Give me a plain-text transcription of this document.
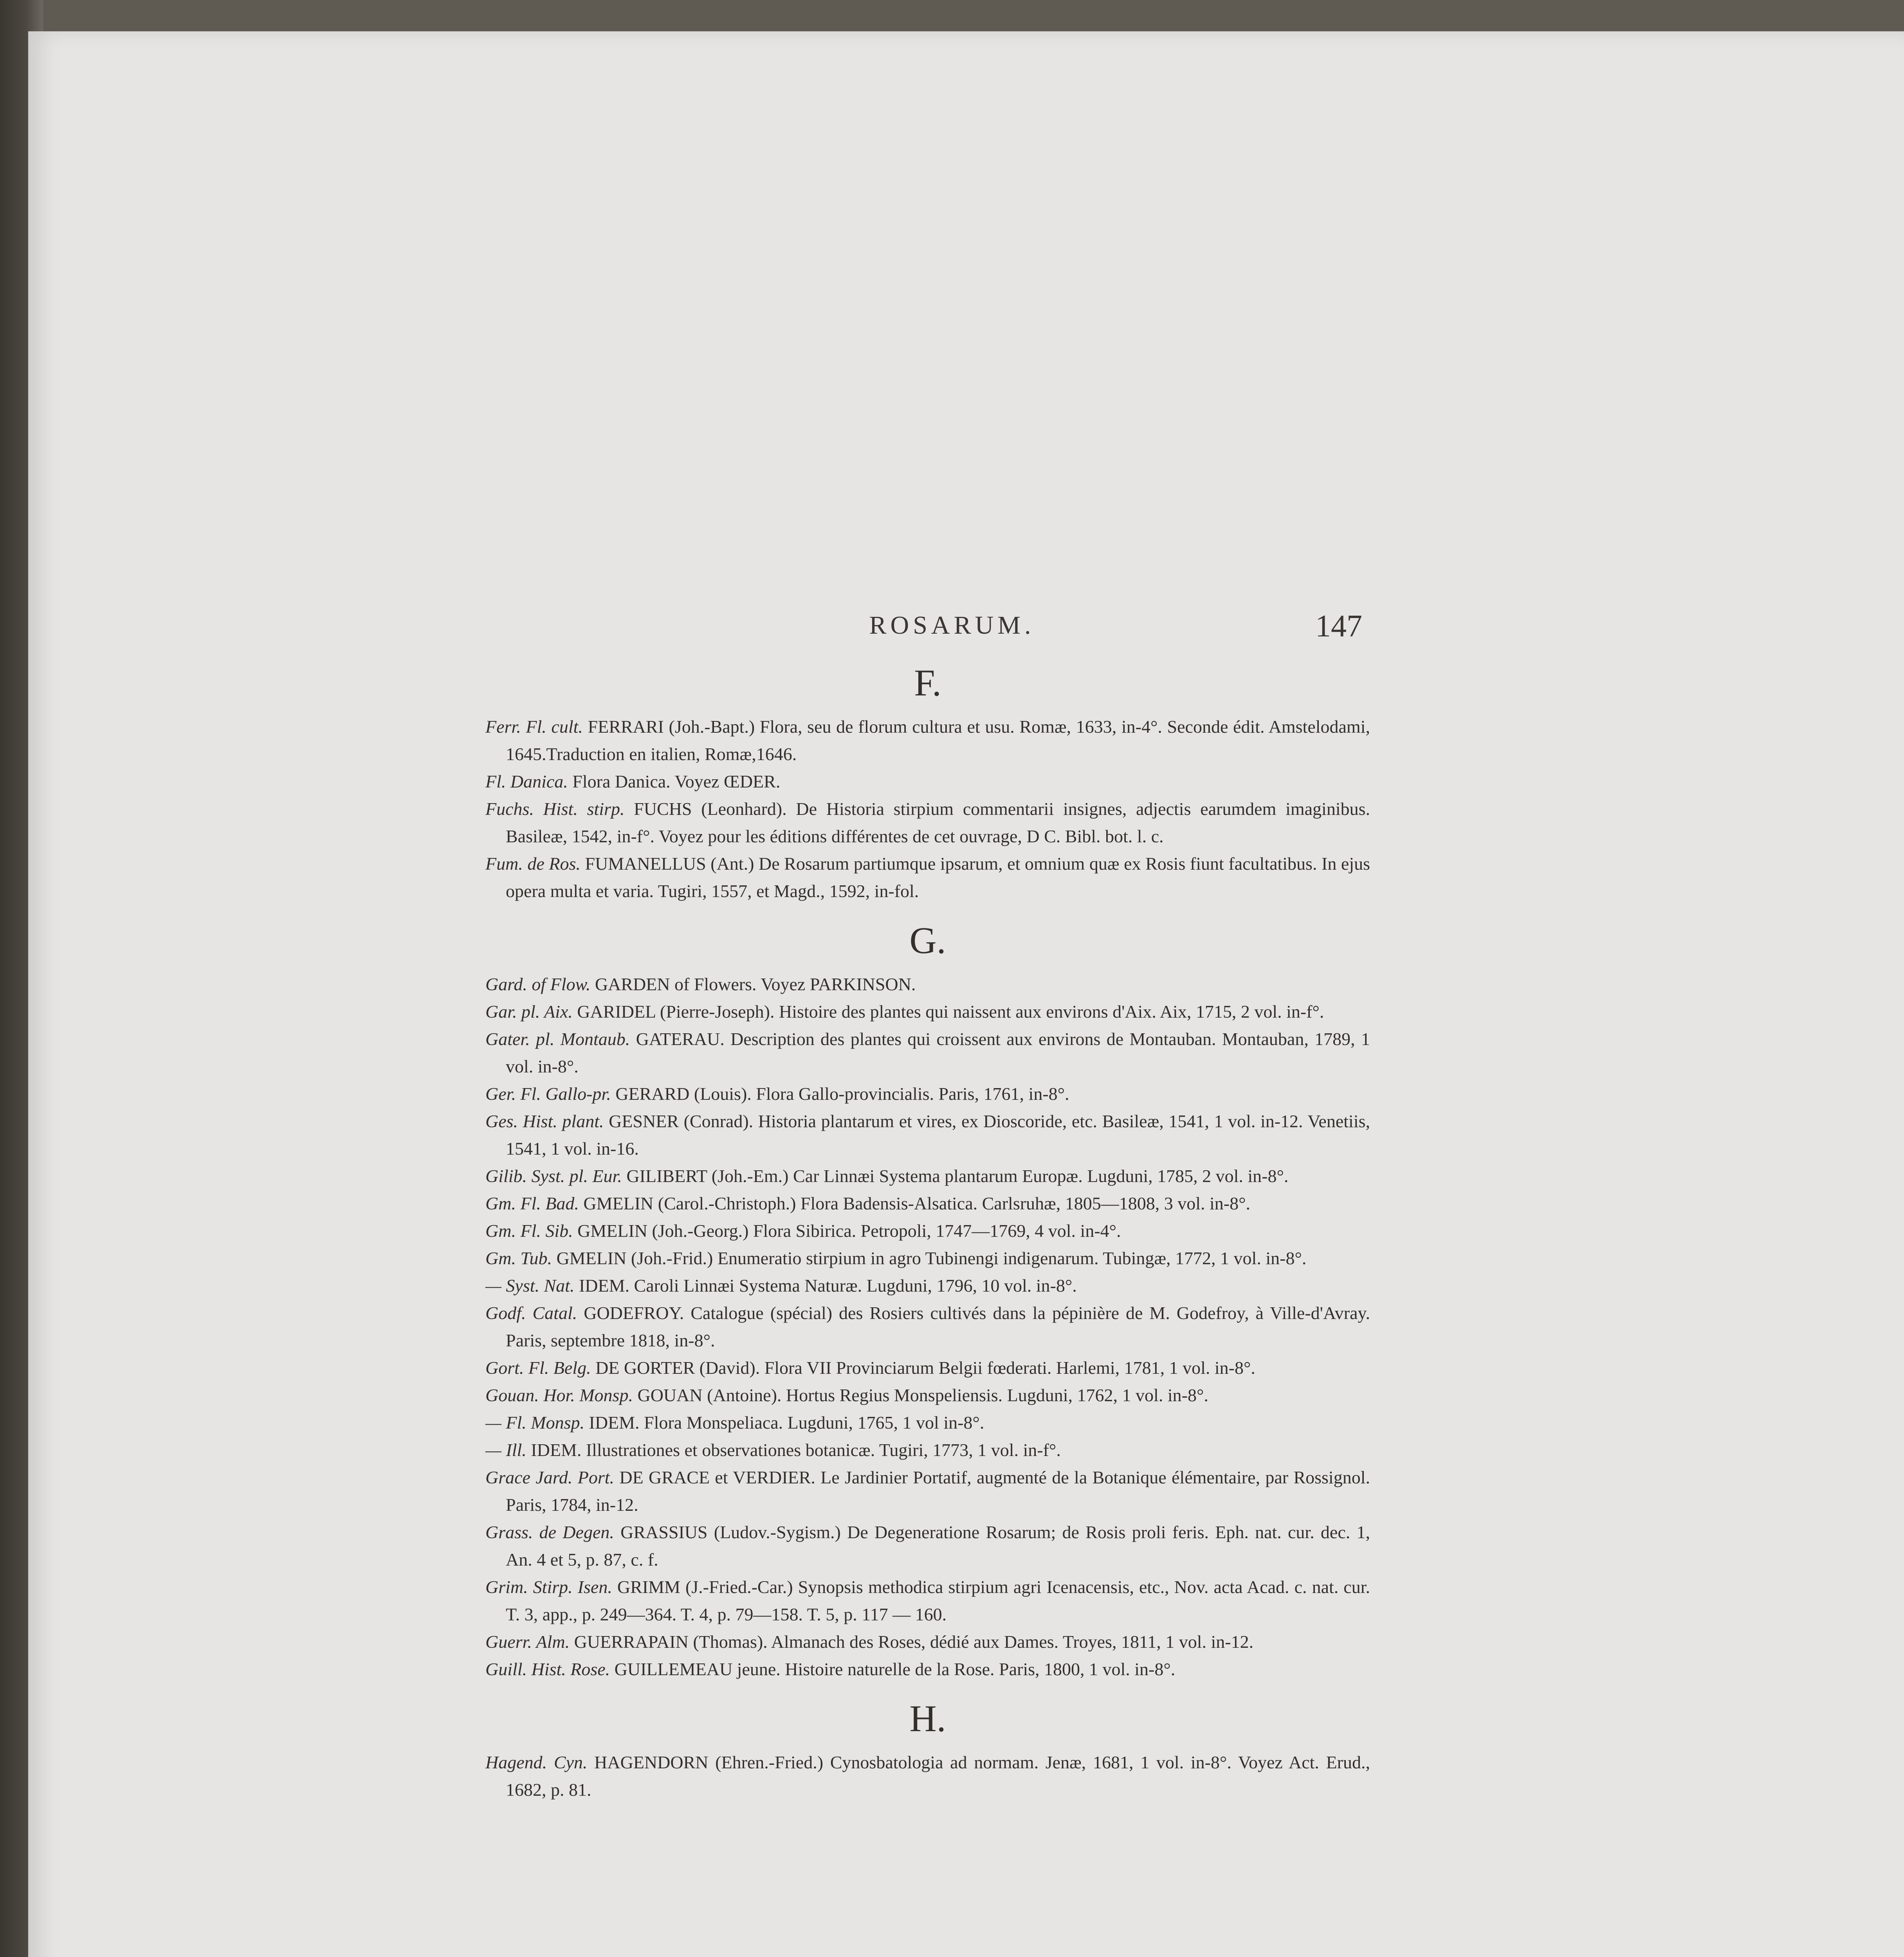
ROSARUM.	147
F.

Ferr. Fl. cult. FERRARI (Joh.-Bapt.) Flora, seu de florum cultura et usu. Romæ, 1633, in-4°. Seconde édit. Amstelodami, 1645.Traduction en italien, Romæ,1646.

Fl. Danica. Flora Danica. Voyez ŒDER.

Fuchs. Hist. stirp. FUCHS (Leonhard). De Historia stirpium commentarii insignes, adjectis earumdem imaginibus. Basileæ, 1542, in-f°. Voyez pour les éditions différentes de cet ouvrage, D C. Bibl. bot. l. c.

Fum. de Ros. FUMANELLUS (Ant.) De Rosarum partiumque ipsarum, et omnium quæ ex Rosis fiunt facultatibus. In ejus opera multa et varia. Tugiri, 1557, et Magd., 1592, in-fol.

G.

Gard. of Flow. GARDEN of Flowers. Voyez PARKINSON.

Gar. pl. Aix. GARIDEL (Pierre-Joseph). Histoire des plantes qui naissent aux environs d'Aix. Aix, 1715, 2 vol. in-f°.

Gater. pl. Montaub. GATERAU. Description des plantes qui croissent aux environs de Montauban. Montauban, 1789, 1 vol. in-8°.

Ger. Fl. Gallo-pr. GERARD (Louis). Flora Gallo-provincialis. Paris, 1761, in-8°.

Ges. Hist. plant. GESNER (Conrad). Historia plantarum et vires, ex Dioscoride, etc. Basileæ, 1541, 1 vol. in-12. Venetiis, 1541, 1 vol. in-16.

Gilib. Syst. pl. Eur. GILIBERT (Joh.-Em.) Car Linnæi Systema plantarum Europæ. Lugduni, 1785, 2 vol. in-8°.

Gm. Fl. Bad. GMELIN (Carol.-Christoph.) Flora Badensis-Alsatica. Carlsruhæ, 1805—1808, 3 vol. in-8°.

Gm. Fl. Sib. GMELIN (Joh.-Georg.) Flora Sibirica. Petropoli, 1747—1769, 4 vol. in-4°.

Gm. Tub. GMELIN (Joh.-Frid.) Enumeratio stirpium in agro Tubinengi indigenarum. Tubingæ, 1772, 1 vol. in-8°.

— Syst. Nat. IDEM. Caroli Linnæi Systema Naturæ. Lugduni, 1796, 10 vol. in-8°.

Godf. Catal. GODEFROY. Catalogue (spécial) des Rosiers cultivés dans la pépinière de M. Godefroy, à Ville-d'Avray. Paris, septembre 1818, in-8°.

Gort. Fl. Belg. DE GORTER (David). Flora VII Provinciarum Belgii fœderati. Harlemi, 1781, 1 vol. in-8°.

Gouan. Hor. Monsp. GOUAN (Antoine). Hortus Regius Monspeliensis. Lugduni, 1762, 1 vol. in-8°.

— Fl. Monsp. IDEM. Flora Monspeliaca. Lugduni, 1765, 1 vol in-8°.

— Ill. IDEM. Illustrationes et observationes botanicæ. Tugiri, 1773, 1 vol. in-f°.

Grace Jard. Port. DE GRACE et VERDIER. Le Jardinier Portatif, augmenté de la Botanique élémentaire, par Rossignol. Paris, 1784, in-12.

Grass. de Degen. GRASSIUS (Ludov.-Sygism.) De Degeneratione Rosarum; de Rosis proli feris. Eph. nat. cur. dec. 1, An. 4 et 5, p. 87, c. f.

Grim. Stirp. Isen. GRIMM (J.-Fried.-Car.) Synopsis methodica stirpium agri Icenacensis, etc., Nov. acta Acad. c. nat. cur. T. 3, app., p. 249—364. T. 4, p. 79—158. T. 5, p. 117 — 160.

Guerr. Alm. GUERRAPAIN (Thomas). Almanach des Roses, dédié aux Dames. Troyes, 1811, 1 vol. in-12.

Guill. Hist. Rose. GUILLEMEAU jeune. Histoire naturelle de la Rose. Paris, 1800, 1 vol. in-8°.

H.

Hagend. Cyn. HAGENDORN (Ehren.-Fried.) Cynosbatologia ad normam. Jenæ, 1681, 1 vol. in-8°. Voyez Act. Erud., 1682, p. 81.
